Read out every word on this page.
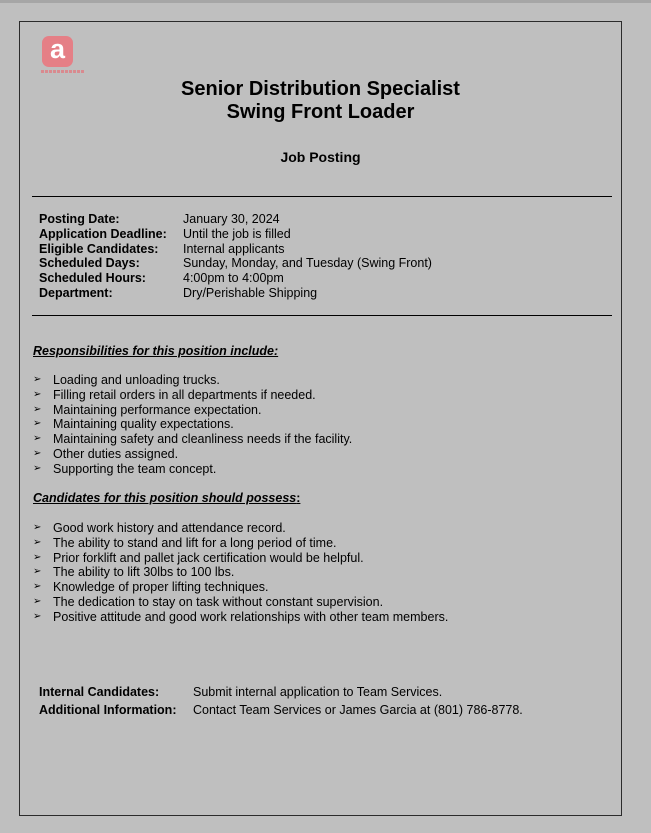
a
Senior Distribution Specialist
Swing Front Loader
Job Posting
Posting Date:	January 30, 2024
Application Deadline:	Until the job is filled
Eligible Candidates:	Internal applicants
Scheduled Days:	Sunday, Monday, and Tuesday (Swing Front)
Scheduled Hours:	4:00pm to 4:00pm
Department:	Dry/Perishable Shipping
Responsibilities for this position include:
➢ Loading and unloading trucks.
➢ Filling retail orders in all departments if needed.
➢ Maintaining performance expectation.
➢ Maintaining quality expectations.
➢ Maintaining safety and cleanliness needs if the facility.
➢ Other duties assigned.
➢ Supporting the team concept.
Candidates for this position should possess:
➢ Good work history and attendance record.
➢ The ability to stand and lift for a long period of time.
➢ Prior forklift and pallet jack certification would be helpful.
➢ The ability to lift 30lbs to 100 lbs.
➢ Knowledge of proper lifting techniques.
➢ The dedication to stay on task without constant supervision.
➢ Positive attitude and good work relationships with other team members.
Internal Candidates:	Submit internal application to Team Services.
Additional Information:	Contact Team Services or James Garcia at (801) 786-8778.
